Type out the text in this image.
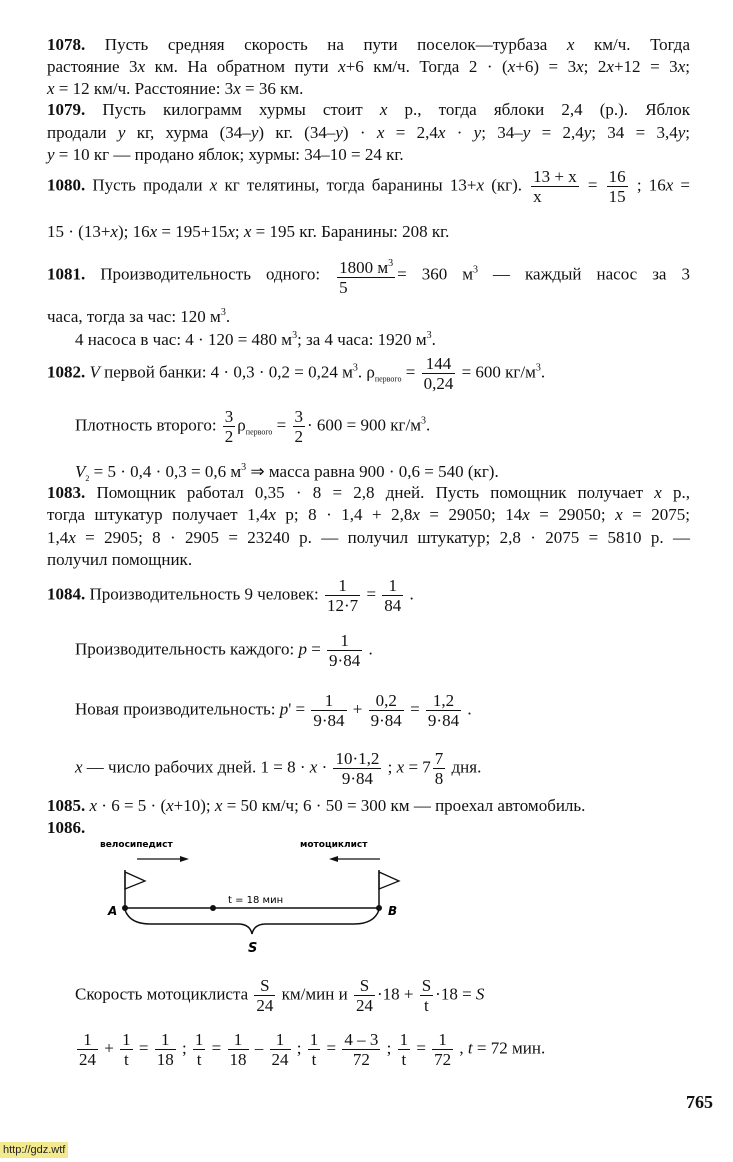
1078. Пусть средняя скорость на пути поселок—турбаза x км/ч. Тогда
растояние 3x км. На обратном пути x+6 км/ч. Тогда 2 · (x+6) = 3x; 2x+12 = 3x;
x = 12 км/ч. Расстояние: 3x = 36 км.
1079. Пусть килограмм хурмы стоит x р., тогда яблоки 2,4 (р.). Яблок
продали y кг, хурма (34–y) кг. (34–y) · x = 2,4x · y; 34–y = 2,4y; 34 = 3,4y;
y = 10 кг — продано яблок; хурмы: 34–10 = 24 кг.
1080. Пусть продали x кг телятины, тогда баранины 13+x (кг). $\frac{13 + x}{x} = \frac{16}{15}$ ; 16x =
15 · (13+x); 16x = 195+15x; x = 195 кг. Баранины: 208 кг.
1081. Производительность одного: $\frac{1800 м^3}{5} = 360$ $м^3$ — каждый насос за 3
часа, тогда за час: 120 $м^3$.
4 насоса в час: 4 · 120 = 480 $м^3$; за 4 часа: 1920 $м^3$.
1082. V первой банки: 4 · 0,3 · 0,2 = 0,24 $м^3$. $\rho_{первого} = \frac{144}{0,24} = 600$ $кг/м^3$.
Плотность второго: $\frac{3}{2} \rho_{первого} = \frac{3}{2} \cdot 600 = 900$ $кг/м^3$.
$V_2 = 5 \cdot 0,4 \cdot 0,3 = 0,6$ $м^3$ ⇒ масса равна 900 · 0,6 = 540 (кг).
1083. Помощник работал 0,35 · 8 = 2,8 дней. Пусть помощник получает x р.,
тогда штукатур получает 1,4x р; 8 · 1,4 + 2,8x = 29050; 14x = 29050; x = 2075;
1,4x = 2905; 8 · 2905 = 23240 р. — получил штукатур; 2,8 · 2075 = 5810 р. —
получил помощник.
1084. Производительность 9 человек: $\frac{1}{12\cdot 7} = \frac{1}{84}$ .
Производительность каждого: $p = \frac{1}{9\cdot 84}$ .
Новая производительность: $p' = \frac{1}{9\cdot 84} + \frac{0,2}{9\cdot 84} = \frac{1,2}{9\cdot 84}$ .
x — число рабочих дней. $1 = 8 \cdot x \cdot \frac{10\cdot 1,2}{9\cdot 84}$ ; $x = 7 \frac{7}{8}$ дня.
1085. x · 6 = 5 · (x+10); x = 50 км/ч; 6 · 50 = 300 км — проехал автомобиль.
1086.
велосипедист	мотоциклист
t = 18 мин
A	B
S
Скорость мотоциклиста $\frac{S}{24} км/мин$ и $\frac{S}{24} \cdot 18 + \frac{S}{t} \cdot 18 = S$
$\frac{1}{24} + \frac{1}{t} = \frac{1}{18}$ ; $\frac{1}{t} = \frac{1}{18} - \frac{1}{24}$ ; $\frac{1}{t} = \frac{4 - 3}{72}$ ; $\frac{1}{t} = \frac{1}{72}$ , t = 72 мин.
765
http://gdz.wtf
